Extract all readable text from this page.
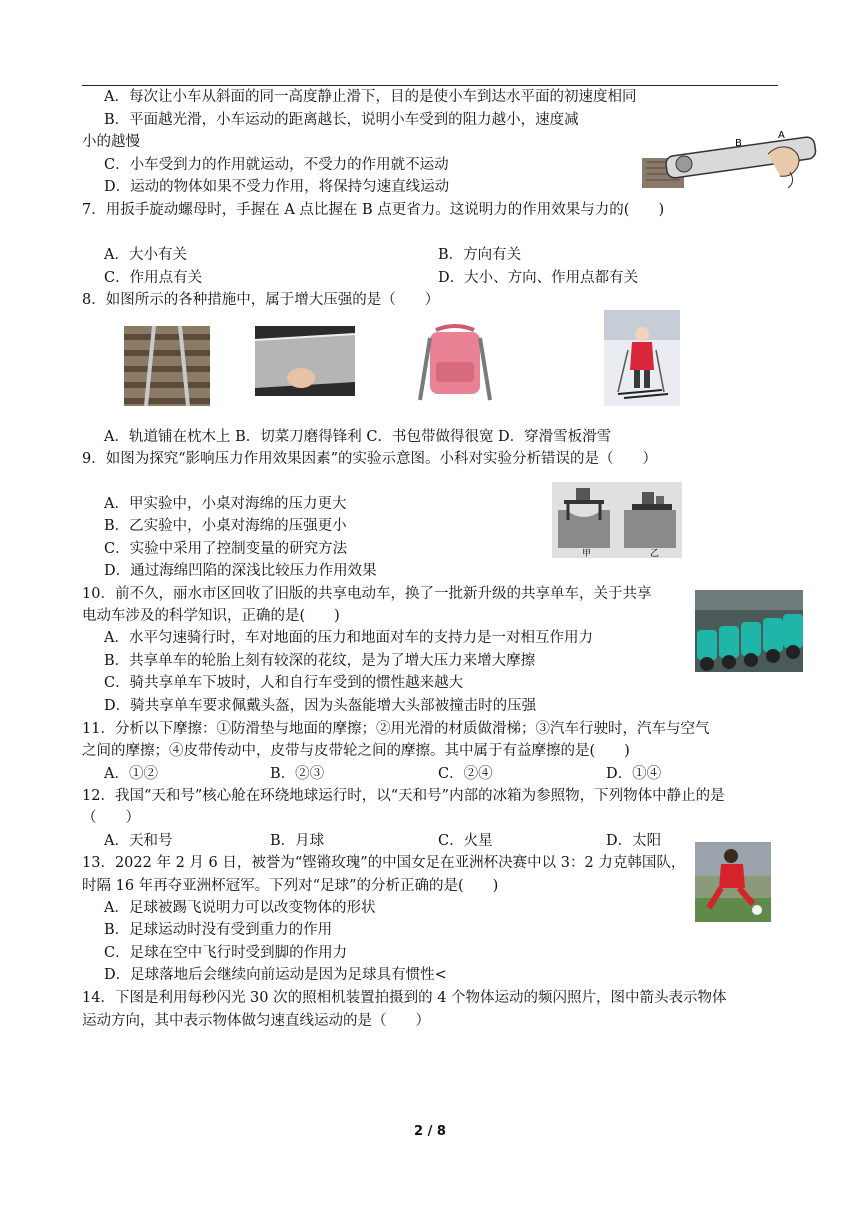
A．每次让小车从斜面的同一高度静止滑下，目的是使小车到达水平面的初速度相同
B．平面越光滑，小车运动的距离越长，说明小车受到的阻力越小，速度减
小的越慢
C．小车受到力的作用就运动，不受力的作用就不运动
D．运动的物体如果不受力作用，将保持匀速直线运动
B
A
7．用扳手旋动螺母时，手握在 A 点比握在 B 点更省力。这说明力的作用效果与力的(　　)
A．大小有关	B．方向有关
C．作用点有关	D．大小、方向、作用点都有关
8．如图所示的各种措施中，属于增大压强的是（　　）
A．轨道铺在枕木上 B．切菜刀磨得锋利 C．书包带做得很宽 D．穿滑雪板滑雪
9．如图为探究“影响压力作用效果因素”的实验示意图。小科对实验分析错误的是（　　）
A．甲实验中，小桌对海绵的压力更大
B．乙实验中，小桌对海绵的压强更小
C．实验中采用了控制变量的研究方法
D．通过海绵凹陷的深浅比较压力作用效果
甲	乙
10．前不久，丽水市区回收了旧版的共享电动车，换了一批新升级的共享单车，关于共享
电动车涉及的科学知识，正确的是(　　)
A．水平匀速骑行时，车对地面的压力和地面对车的支持力是一对相互作用力
B．共享单车的轮胎上刻有较深的花纹，是为了增大压力来增大摩擦
C．骑共享单车下坡时，人和自行车受到的惯性越来越大
D．骑共享单车要求佩戴头盔，因为头盔能增大头部被撞击时的压强
11．分析以下摩擦：①防滑垫与地面的摩擦；②用光滑的材质做滑梯；③汽车行驶时，汽车与空气
之间的摩擦；④皮带传动中，皮带与皮带轮之间的摩擦。其中属于有益摩擦的是(　　)
A．①②	B．②③	C．②④	D．①④
12．我国“天和号”核心舱在环绕地球运行时，以“天和号”内部的冰箱为参照物，下列物体中静止的是
（　　）
A．天和号	B．月球	C．火星	D．太阳
13．2022 年 2 月 6 日，被誉为“铿锵玫瑰”的中国女足在亚洲杯决赛中以 3：2 力克韩国队，
时隔 16 年再夺亚洲杯冠军。下列对“足球”的分析正确的是(　　)
A．足球被踢飞说明力可以改变物体的形状
B．足球运动时没有受到重力的作用
C．足球在空中飞行时受到脚的作用力
D．足球落地后会继续向前运动是因为足球具有惯性<
14．下图是利用每秒闪光 30 次的照相机装置拍摄到的 4 个物体运动的频闪照片，图中箭头表示物体
运动方向，其中表示物体做匀速直线运动的是（　　）
2 / 8
